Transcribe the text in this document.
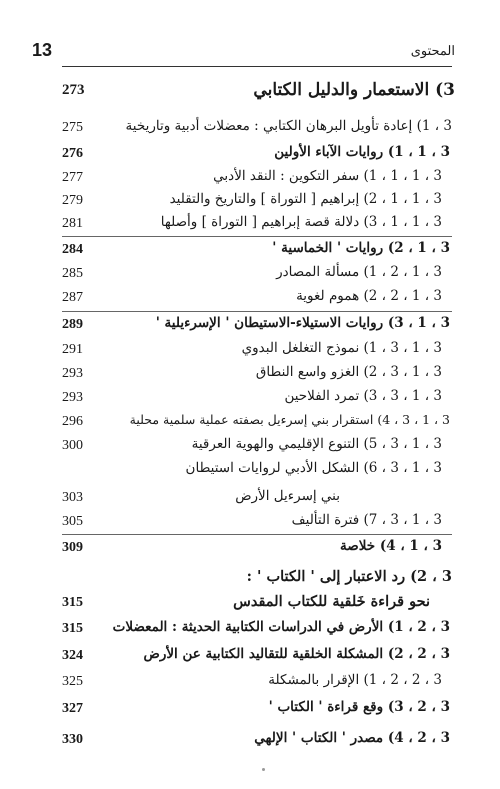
13	المحتوى
273	3) الاستعمار والدليل الكتابي
275	3 ، 1) إعادة تأويل البرهان الكتابي : معضلات أدبية وتاريخية
276	3 ، 1 ، 1) روايات الآباء الأولين
277	3 ، 1 ، 1 ، 1) سفر التكوين : النقد الأدبي
279	3 ، 1 ، 1 ، 2) إبراهيم [ التوراة ] والتاريخ والتقليد
281	3 ، 1 ، 1 ، 3) دلالة قصة إبراهيم [ التوراة ] وأصلها
284	3 ، 1 ، 2) روايات ' الخماسية '
285	3 ، 1 ، 2 ، 1) مسألة المصادر
287	3 ، 1 ، 2 ، 2) هموم لغوية
289	3 ، 1 ، 3) روايات الاستيلاء-الاستيطان ' الإسرءيلية '
291	3 ، 1 ، 3 ، 1) نموذج التغلغل البدوي
293	3 ، 1 ، 3 ، 2) الغزو واسع النطاق
293	3 ، 1 ، 3 ، 3) تمرد الفلاحين
296	3 ، 1 ، 3 ، 4) استقرار بني إسرءيل بصفته عملية سلمية محلية
300	3 ، 1 ، 3 ، 5) التنوع الإقليمي والهوية العرقية
3 ، 1 ، 3 ، 6) الشكل الأدبي لروايات استيطان
303	بني إسرءيل الأرض
305	3 ، 1 ، 3 ، 7) فترة التأليف
309	3 ، 1 ، 4) خلاصة
3 ، 2) رد الاعتبار إلى ' الكتاب ' :
315	نحو قراءة خَلقية للكتاب المقدس
315 3 ، 2 ، 1) الأرض في الدراسات الكتابية الحديثة : المعضلات
324	3 ، 2 ، 2) المشكلة الخلقية للتقاليد الكتابية عن الأرض
325	3 ، 2 ، 2 ، 1) الإقرار بالمشكلة
327	3 ، 2 ، 3) وقع قراءة ' الكتاب '
330	3 ، 2 ، 4) مصدر ' الكتاب ' الإلهي
